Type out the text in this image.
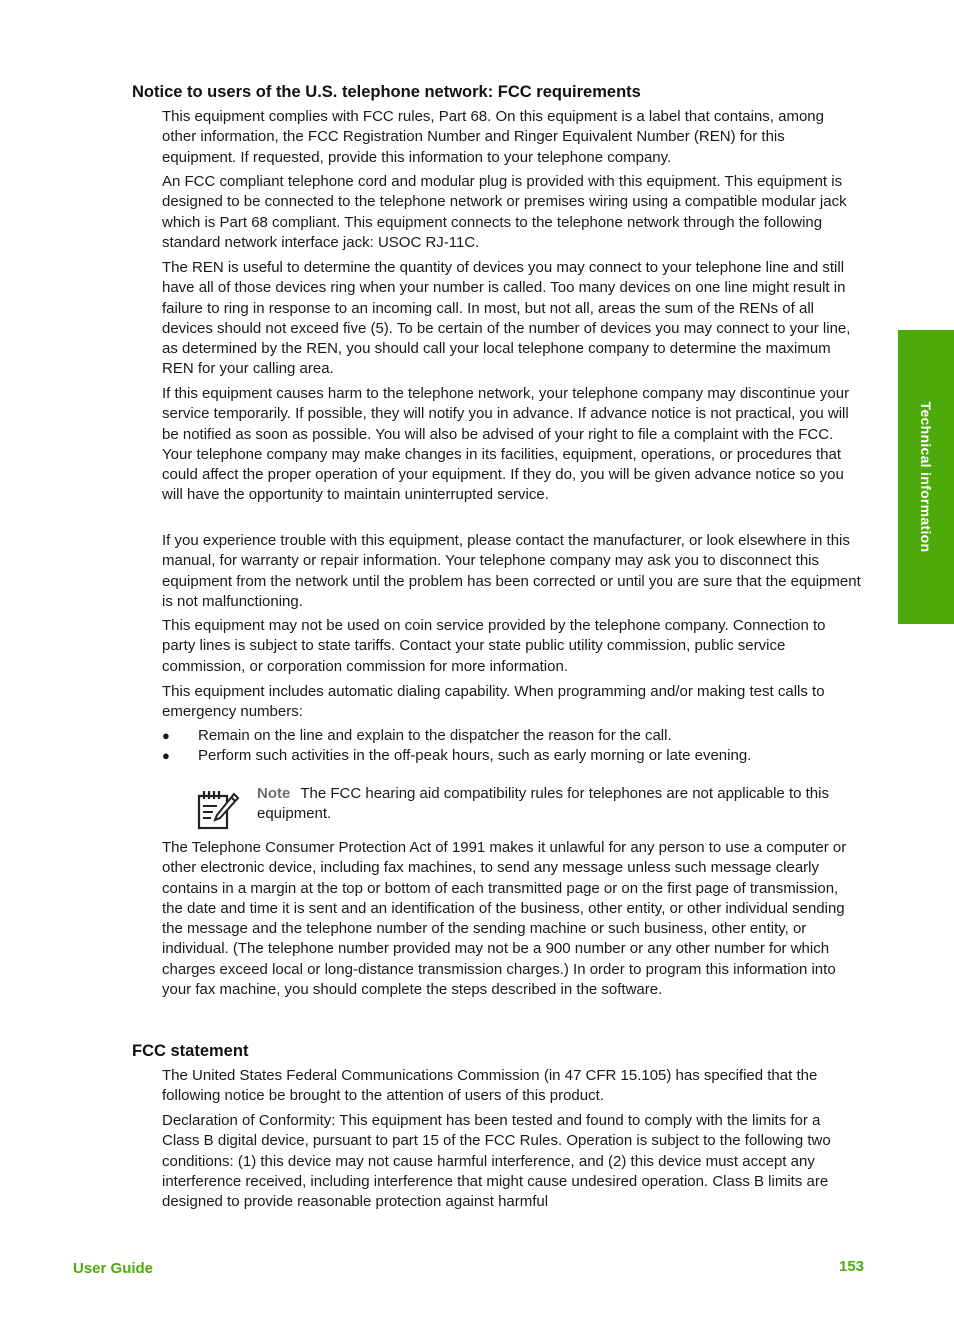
Notice to users of the U.S. telephone network: FCC requirements

This equipment complies with FCC rules, Part 68. On this equipment is a label that contains, among other information, the FCC Registration Number and Ringer Equivalent Number (REN) for this equipment. If requested, provide this information to your telephone company.

An FCC compliant telephone cord and modular plug is provided with this equipment. This equipment is designed to be connected to the telephone network or premises wiring using a compatible modular jack which is Part 68 compliant. This equipment connects to the telephone network through the following standard network interface jack: USOC RJ-11C.

The REN is useful to determine the quantity of devices you may connect to your telephone line and still have all of those devices ring when your number is called. Too many devices on one line might result in failure to ring in response to an incoming call. In most, but not all, areas the sum of the RENs of all devices should not exceed five (5). To be certain of the number of devices you may connect to your line, as determined by the REN, you should call your local telephone company to determine the maximum REN for your calling area.

If this equipment causes harm to the telephone network, your telephone company may discontinue your service temporarily. If possible, they will notify you in advance. If advance notice is not practical, you will be notified as soon as possible. You will also be advised of your right to file a complaint with the FCC. Your telephone company may make changes in its facilities, equipment, operations, or procedures that could affect the proper operation of your equipment. If they do, you will be given advance notice so you will have the opportunity to maintain uninterrupted service.

If you experience trouble with this equipment, please contact the manufacturer, or look elsewhere in this manual, for warranty or repair information. Your telephone company may ask you to disconnect this equipment from the network until the problem has been corrected or until you are sure that the equipment is not malfunctioning.

This equipment may not be used on coin service provided by the telephone company. Connection to party lines is subject to state tariffs. Contact your state public utility commission, public service commission, or corporation commission for more information.

This equipment includes automatic dialing capability. When programming and/or making test calls to emergency numbers:

● Remain on the line and explain to the dispatcher the reason for the call.
● Perform such activities in the off-peak hours, such as early morning or late evening.

Note The FCC hearing aid compatibility rules for telephones are not applicable to this equipment.

The Telephone Consumer Protection Act of 1991 makes it unlawful for any person to use a computer or other electronic device, including fax machines, to send any message unless such message clearly contains in a margin at the top or bottom of each transmitted page or on the first page of transmission, the date and time it is sent and an identification of the business, other entity, or other individual sending the message and the telephone number of the sending machine or such business, other entity, or individual. (The telephone number provided may not be a 900 number or any other number for which charges exceed local or long-distance transmission charges.) In order to program this information into your fax machine, you should complete the steps described in the software.

FCC statement

The United States Federal Communications Commission (in 47 CFR 15.105) has specified that the following notice be brought to the attention of users of this product.

Declaration of Conformity: This equipment has been tested and found to comply with the limits for a Class B digital device, pursuant to part 15 of the FCC Rules. Operation is subject to the following two conditions: (1) this device may not cause harmful interference, and (2) this device must accept any interference received, including interference that might cause undesired operation. Class B limits are designed to provide reasonable protection against harmful

Technical information
User Guide	153
